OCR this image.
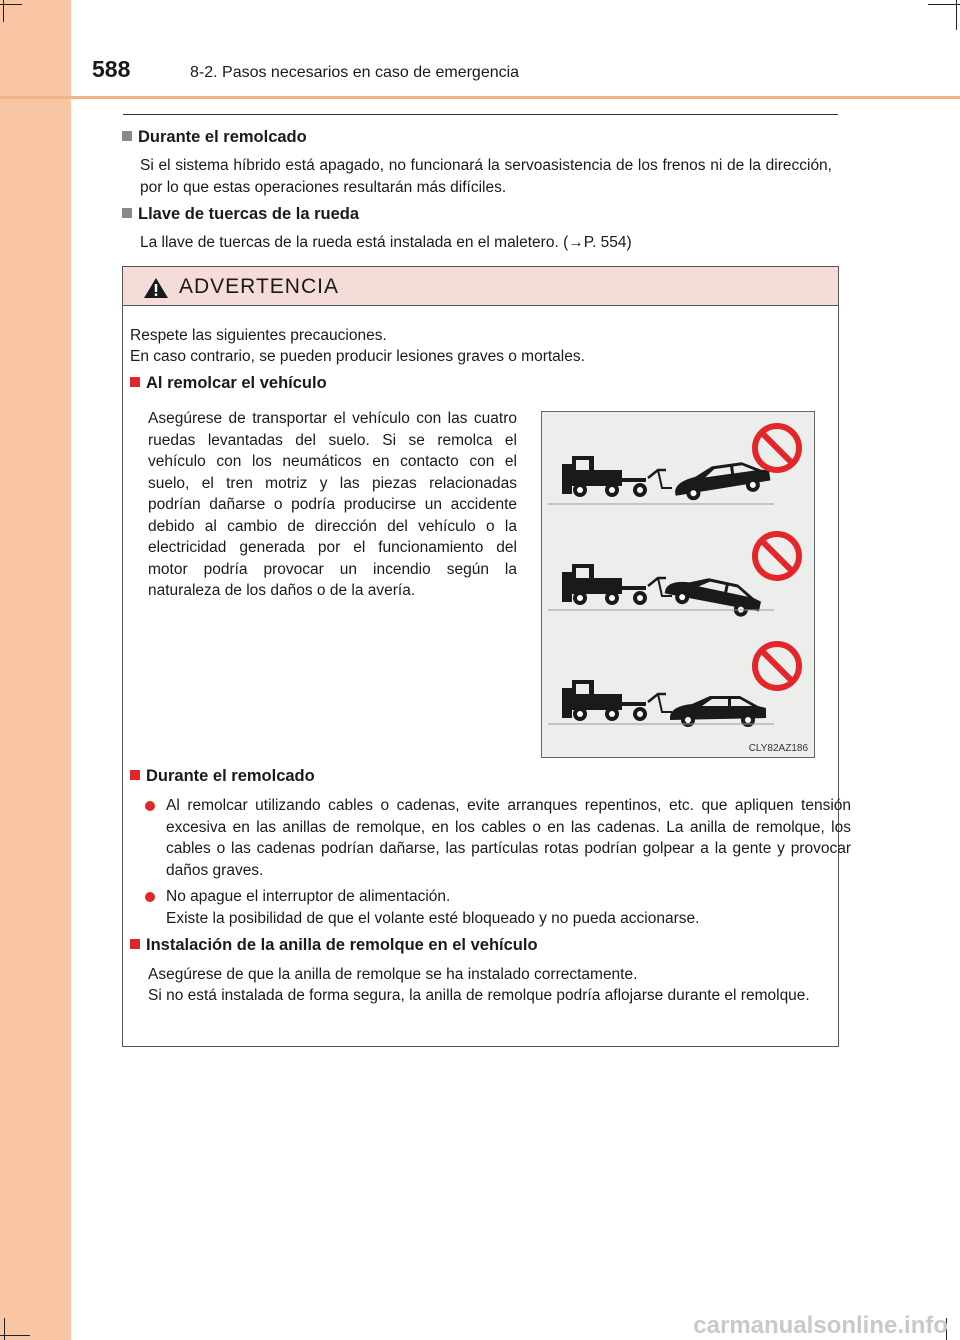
588	8-2. Pasos necesarios en caso de emergencia
Durante el remolcado
Si el sistema híbrido está apagado, no funcionará la servoasistencia de los frenos ni de la dirección, por lo que estas operaciones resultarán más difíciles.
Llave de tuercas de la rueda
La llave de tuercas de la rueda está instalada en el maletero. (→P. 554)
ADVERTENCIA
Respete las siguientes precauciones.
En caso contrario, se pueden producir lesiones graves o mortales.
Al remolcar el vehículo
Asegúrese de transportar el vehículo con las cuatro ruedas levantadas del suelo. Si se remolca el vehículo con los neumáticos en contacto con el suelo, el tren motriz y las piezas relacionadas podrían dañarse o podría producirse un accidente debido al cambio de dirección del vehículo o la electricidad generada por el funcionamiento del motor podría provocar un incendio según la naturaleza de los daños o de la avería.
Durante el remolcado
Al remolcar utilizando cables o cadenas, evite arranques repentinos, etc. que apliquen tensión excesiva en las anillas de remolque, en los cables o en las cadenas. La anilla de remolque, los cables o las cadenas podrían dañarse, las partículas rotas podrían golpear a la gente y provocar daños graves.
No apague el interruptor de alimentación.
Existe la posibilidad de que el volante esté bloqueado y no pueda accionarse.
Instalación de la anilla de remolque en el vehículo
Asegúrese de que la anilla de remolque se ha instalado correctamente.
Si no está instalada de forma segura, la anilla de remolque podría aflojarse durante el remolque.
CLY82AZ186
carmanualsonline.info
